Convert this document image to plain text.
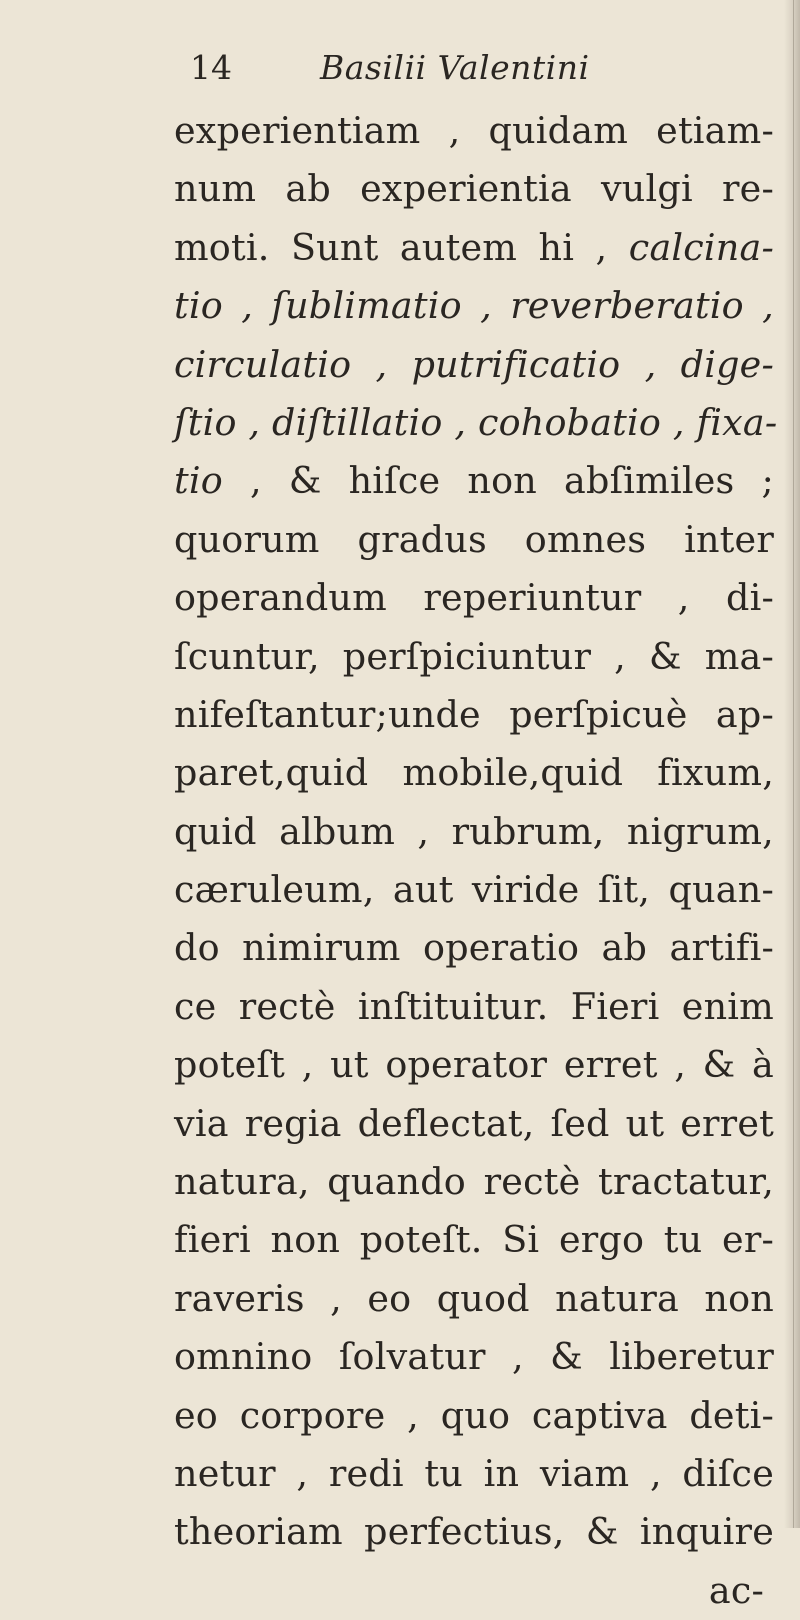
14	Basilii Valentini
experientiam , quidam etiam-
num ab experientia vulgi re-
moti. Sunt autem hi , calcina-
tio , ſublimatio , reverberatio ,
circulatio , putrificatio , dige-
ſtio , diſtillatio , cohobatio , fixa-
tio , & hiſce non abſimiles ;
quorum gradus omnes inter
operandum reperiuntur , di-
ſcuntur, perſpiciuntur , & ma-
nifeſtantur;unde perſpicuè ap-
paret,quid mobile,quid fixum,
quid album , rubrum, nigrum,
cæruleum, aut viride ſit, quan-
do nimirum operatio ab artifi-
ce rectè inſtituitur. Fieri enim
poteſt , ut operator erret , & à
via regia deflectat, ſed ut erret
natura, quando rectè tractatur,
fieri non poteſt. Si ergo tu er-
raveris , eo quod natura non
omnino ſolvatur , & liberetur
eo corpore , quo captiva deti-
netur , redi tu in viam , diſce
theoriam perfectius, & inquire
ac-
